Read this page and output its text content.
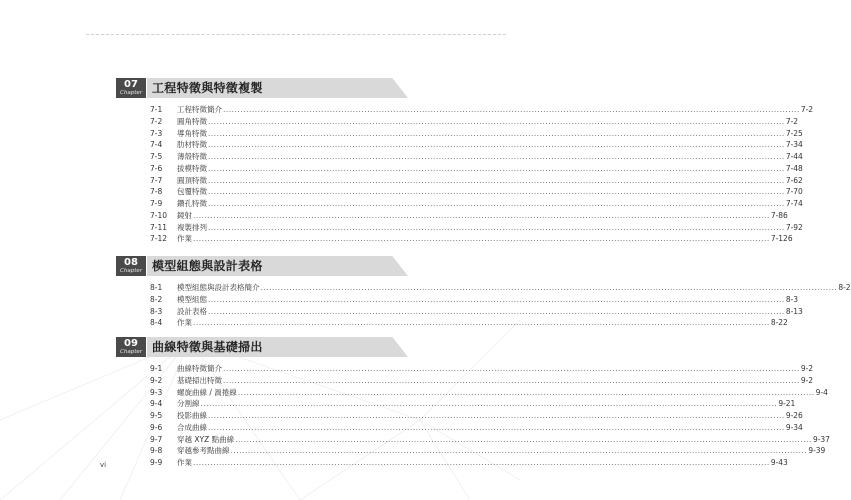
07
Chapter 工程特徵與特徵複製
7-1	工程特徵簡介 ........................................................................................................................................................................................................ 7-2
7-2	圓角特徵 ........................................................................................................................................................................................................ 7-2
7-3	導角特徵 ........................................................................................................................................................................................................ 7-25
7-4	肋材特徵 ........................................................................................................................................................................................................ 7-34
7-5	薄殼特徵 ........................................................................................................................................................................................................ 7-44
7-6	拔模特徵 ........................................................................................................................................................................................................ 7-48
7-7	圓頂特徵 ........................................................................................................................................................................................................ 7-62
7-8	包覆特徵 ........................................................................................................................................................................................................ 7-70
7-9	鑽孔特徵 ........................................................................................................................................................................................................ 7-74
7-10	鏡射 ........................................................................................................................................................................................................ 7-86
7-11	複製排列 ........................................................................................................................................................................................................ 7-92
7-12	作業 ........................................................................................................................................................................................................ 7-126
08
Chapter 模型組態與設計表格
8-1	模型組態與設計表格簡介 ........................................................................................................................................................................................................ 8-2
8-2	模型組態 ........................................................................................................................................................................................................ 8-3
8-3	設計表格 ........................................................................................................................................................................................................ 8-13
8-4	作業 ........................................................................................................................................................................................................ 8-22
09
Chapter 曲線特徵與基礎掃出
9-1	曲線特徵簡介 ........................................................................................................................................................................................................ 9-2
9-2	基礎掃出特徵 ........................................................................................................................................................................................................ 9-2
9-3	螺旋曲線 / 渦捲線 ........................................................................................................................................................................................................ 9-4
9-4	分割線 ........................................................................................................................................................................................................ 9-21
9-5	投影曲線 ........................................................................................................................................................................................................ 9-26
9-6	合成曲線 ........................................................................................................................................................................................................ 9-34
9-7	穿越 XYZ 點曲線 ........................................................................................................................................................................................................ 9-37
9-8	穿越參考點曲線 ........................................................................................................................................................................................................ 9-39
9-9	作業 ........................................................................................................................................................................................................ 9-43
vi
